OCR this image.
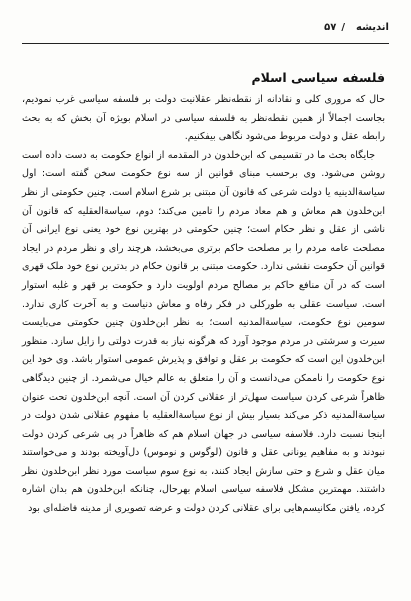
اندیشه
/
۵۷
فلسفه سیاسی اسلام

حال که مروری کلی و نقادانه از نقطه‌نظر عقلانیت دولت بر فلسفه سیاسی غرب نمودیم، بجاست اجمالاً از همین نقطه‌نظر به فلسفه سیاسی در اسلام بویژه آن بخش که به بحث رابطه عقل و دولت مربوط می‌شود نگاهی بیفکنیم.

جایگاه بحث ما در تقسیمی که ابن‌خلدون در المقدمه از انواع حکومت به دست داده است روشن می‌شود. وی برحسب مبنای قوانین از سه نوع حکومت سخن گفته است: اول سیاسة‌الدینیه یا دولت شرعی که قانون آن مبتنی بر شرع اسلام است. چنین حکومتی از نظر ابن‌خلدون هم معاش و هم معاد مردم را تامین می‌کند؛ دوم، سیاسة‌العقلیه که قانون آن ناشی از عقل و نظر حکام است؛ چنین حکومتی در بهترین نوع خود یعنی نوع ایرانی آن مصلحت عامه مردم را بر مصلحت حاکم برتری می‌بخشد، هرچند رای و نظر مردم در ایجاد قوانین آن حکومت نقشی ندارد. حکومت مبتنی بر قانون حکام در بدترین نوع خود ملک قهری است که در آن منافع حاکم بر مصالح مردم اولویت دارد و حکومت بر قهر و غلبه استوار است. سیاست عقلی به طورکلی در فکر رفاه و معاش دنیاست و به آخرت کاری ندارد. سومین نوع حکومت، سیاسة‌المدنیه است؛ به نظر ابن‌خلدون چنین حکومتی می‌بایست سیرت و سرشتی در مردم موجود آورد که هرگونه نیاز به قدرت دولتی را زایل سازد. منظور ابن‌خلدون این است که حکومت بر عقل و توافق و پذیرش عمومی استوار باشد. وی خود این نوع حکومت را ناممکن می‌دانست و آن را متعلق به عالم خیال می‌شمرد. از چنین دیدگاهی ظاهراً شرعی کردن سیاست سهل‌تر از عقلانی کردن آن است. آنچه ابن‌خلدون تحت عنوان سیاسة‌المدنیه ذکر می‌کند بسیار بیش از نوع سیاسة‌العقلیه با مفهوم عقلانی شدن دولت در اینجا نسبت دارد. فلاسفه سیاسی در جهان اسلام هم که ظاهراً در پی شرعی کردن دولت نبودند و به مفاهیم یونانی عقل و قانون (لوگوس و نوموس) دل‌آویخته بودند و می‌خواستند میان عقل و شرع و حتی سازش ایجاد کنند، به نوع سوم سیاست مورد نظر ابن‌خلدون نظر داشتند. مهمترین مشکل فلاسفه سیاسی اسلام بهرحال، چنانکه ابن‌خلدون هم بدان اشاره کرده، یافتن مکانیسم‌هایی برای عقلانی کردن دولت و عرضه تصویری از مدینه فاضله‌ای بود
